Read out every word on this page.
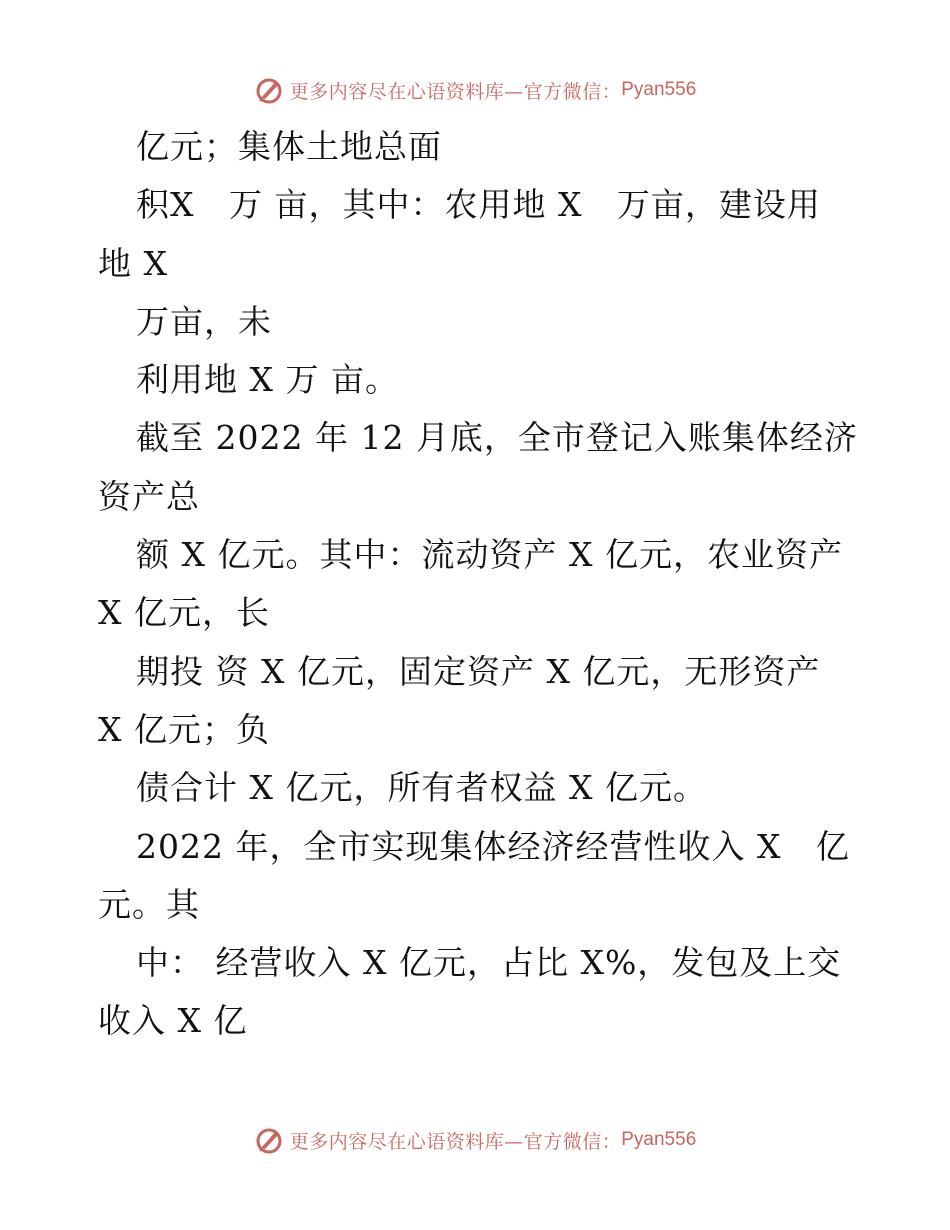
更多内容尽在心语资料库—官方微信： Pyan556
亿元；集体土地总面
积X   万 亩，其中：农用地 X   万亩，建设用
地 X
万亩，未
利用地 X 万 亩。
截至 2022 年 12 月底，全市登记入账集体经济
资产总
额 X 亿元。其中：流动资产 X 亿元，农业资产
X 亿元，长
期投 资 X 亿元，固定资产 X 亿元，无形资产
X 亿元；负
债合计 X 亿元，所有者权益 X 亿元。
2022 年，全市实现集体经济经营性收入 X   亿
元。其
中： 经营收入 X 亿元，占比 X%，发包及上交
收入 X 亿
更多内容尽在心语资料库—官方微信： Pyan556
